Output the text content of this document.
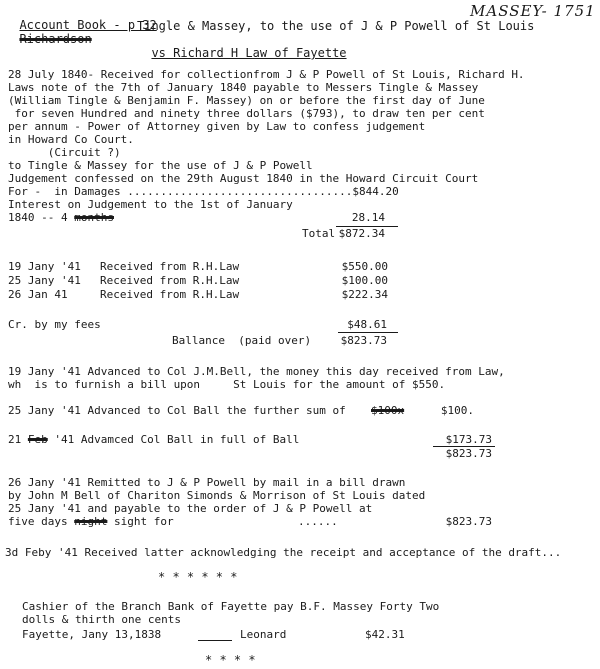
Account Book - p 32

MASSEY- 1751

Richardson

Tingle & Massey, to the use of J & P Powell of St Louis

vs Richard H Law of Fayette

28 July 1840- Received for collectionfrom J & P Powell of St Louis, Richard H.
Laws note of the 7th of January 1840 payable to Messers Tingle & Massey
(William Tingle & Benjamin F. Massey) on or before the first day of June
for seven Hundred and ninety three dollars ($793), to draw ten per cent
per annum - Power of Attorney given by Law to confess judgement
in Howard Co Court.
(Circuit ?)
to Tingle & Massey for the use of J & P Powell
Judgement confessed on the 29th August 1840 in the Howard Circuit Court
For -  in Damages ..................................$844.20
Interest on Judgement to the 1st of January
1840 -- 4 months	28.14
Total $872.34
19 Jany '41 Received from R.H.Law	$550.00
25 Jany '41 Received from R.H.Law	$100.00
26 Jan 41	Received from R.H.Law	$222.34
Cr. by my fees	$48.61
Ballance  (paid over)	$823.73
19 Jany '41 Advanced to Col J.M.Bell, the money this day received from Law,
wh  is to furnish a bill upon     St Louis for the amount of $550.
25 Jany '41 Advanced to Col Ball the further sum of $100x	$100.
21 Feb '41 Advamced Col Ball in full of Ball	$173.73
$823.73
26 Jany '41 Remitted to J & P Powell by mail in a bill drawn
by John M Bell of Chariton Simonds & Morrison of St Louis dated
25 Jany '41 and payable to the order of J & P Powell at
five days night sight for	......	$823.73
3d Feby '41 Received latter acknowledging the receipt and acceptance of the draft...
* * * * * *
Cashier of the Branch Bank of Fayette pay B.F. Massey Forty Two
dolls & thirth one cents
Fayette, Jany 13,1838	Leonard	$42.31
* * * *
